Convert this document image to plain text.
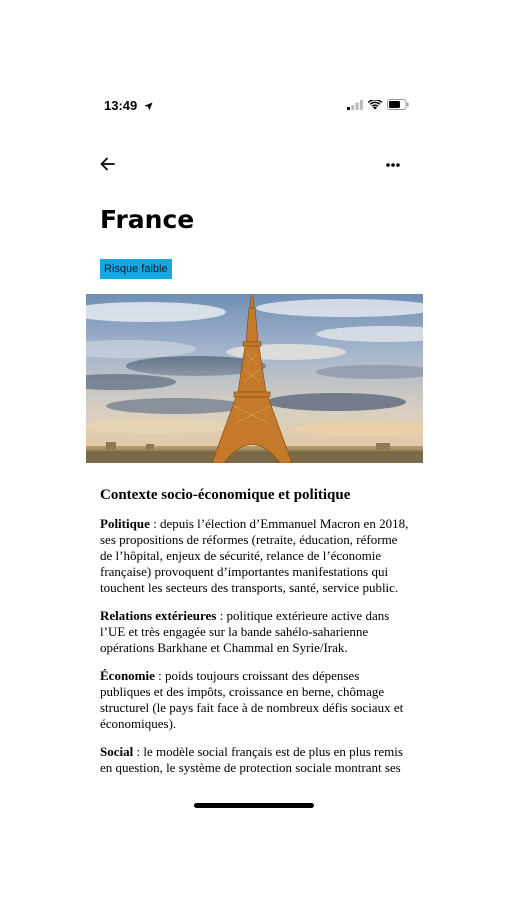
13:49
France
Risque faible
Contexte socio-économique et politique

Politique : depuis l’élection d’Emmanuel Macron en 2018, ses propositions de réformes (retraite, éducation, réforme de l’hôpital, enjeux de sécurité, relance de l’économie française) provoquent d’importantes manifestations qui touchent les secteurs des transports, santé, service public.

Relations extérieures : politique extérieure active dans l’UE et très engagée sur la bande sahélo-saharienne opérations Barkhane et Chammal en Syrie/Irak.

Économie : poids toujours croissant des dépenses publiques et des impôts, croissance en berne, chômage structurel (le pays fait face à de nombreux défis sociaux et économiques).

Social : le modèle social français est de plus en plus remis en question, le système de protection sociale montrant ses
